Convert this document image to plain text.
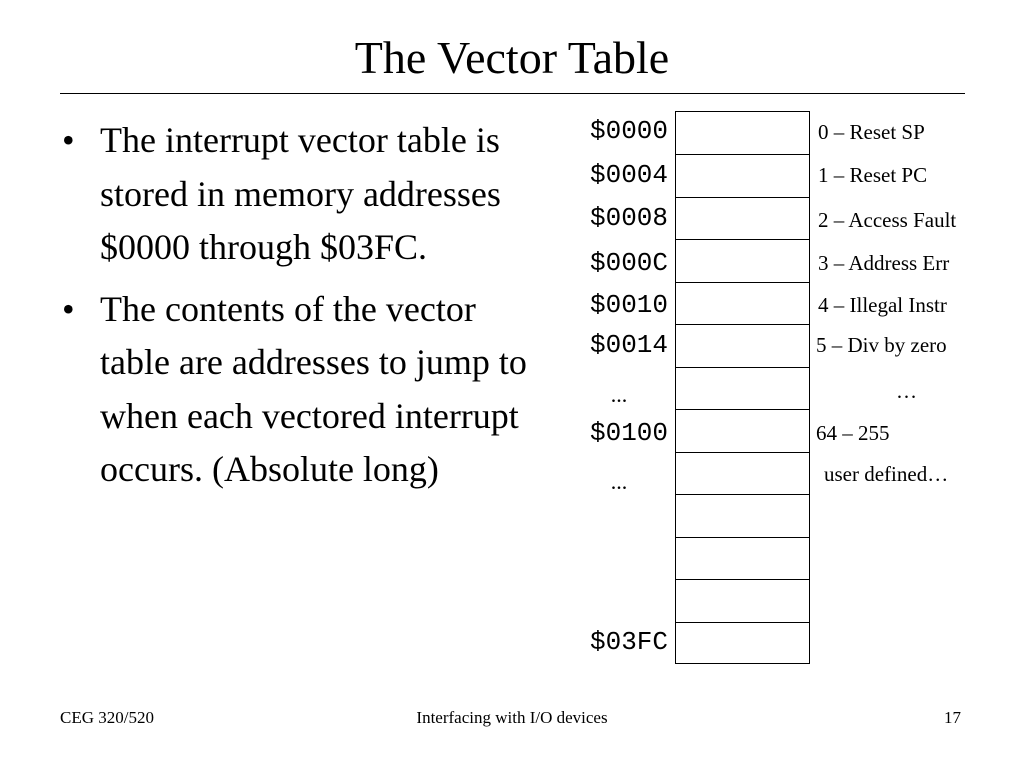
The Vector Table
• The interrupt vector table is stored in memory addresses $0000 through $03FC.
• The contents of the vector table are addresses to jump to when each vectored interrupt occurs. (Absolute long)
$0000
$0004
$0008
$000C
$0010
$0014
...
$0100
...
$03FC
0 – Reset SP
1 – Reset PC
2 – Access Fault
3 – Address Err
4 – Illegal Instr
5 – Div by zero
…
64 – 255
user defined…
CEG 320/520	Interfacing with I/O devices	17
